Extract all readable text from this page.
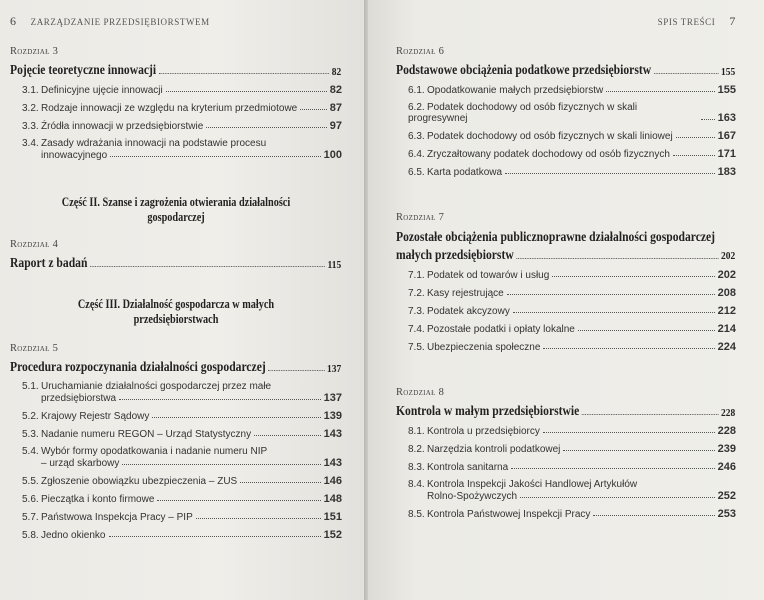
6 ZARZĄDZANIE PRZEDSIĘBIORSTWEM
Rozdział 3
Pojęcie teoretyczne innowacji	82
3.1. Definicyjne ujęcie innowacji	82
3.2. Rodzaje innowacji ze względu na kryterium przedmiotowe	87
3.3. Źródła innowacji w przedsiębiorstwie	97
3.4. Zasady wdrażania innowacji na podstawie procesu
innowacyjnego	100
Część II. Szanse i zagrożenia otwierania działalności gospodarczej
Rozdział 4
Raport z badań	115
Część III. Działalność gospodarcza w małych przedsiębiorstwach
Rozdział 5
Procedura rozpoczynania działalności gospodarczej	137
5.1. Uruchamianie działalności gospodarczej przez małe
przedsiębiorstwa	137
5.2. Krajowy Rejestr Sądowy	139
5.3. Nadanie numeru REGON – Urząd Statystyczny	143
5.4. Wybór formy opodatkowania i nadanie numeru NIP
– urząd skarbowy	143
5.5. Zgłoszenie obowiązku ubezpieczenia – ZUS	146
5.6. Pieczątka i konto firmowe	148
5.7. Państwowa Inspekcja Pracy – PIP	151
5.8. Jedno okienko	152
SPIS TREŚCI 7
Rozdział 6
Podstawowe obciążenia podatkowe przedsiębiorstw	155
6.1. Opodatkowanie małych przedsiębiorstw	155
6.2. Podatek dochodowy od osób fizycznych w skali progresywnej	163
6.3. Podatek dochodowy od osób fizycznych w skali liniowej	167
6.4. Zryczałtowany podatek dochodowy od osób fizycznych	171
6.5. Karta podatkowa	183
Rozdział 7
Pozostałe obciążenia publicznoprawne działalności gospodarczej
małych przedsiębiorstw	202
7.1. Podatek od towarów i usług	202
7.2. Kasy rejestrujące	208
7.3. Podatek akcyzowy	212
7.4. Pozostałe podatki i opłaty lokalne	214
7.5. Ubezpieczenia społeczne	224
Rozdział 8
Kontrola w małym przedsiębiorstwie	228
8.1. Kontrola u przedsiębiorcy	228
8.2. Narzędzia kontroli podatkowej	239
8.3. Kontrola sanitarna	246
8.4. Kontrola Inspekcji Jakości Handlowej Artykułów
Rolno-Spożywczych	252
8.5. Kontrola Państwowej Inspekcji Pracy	253
